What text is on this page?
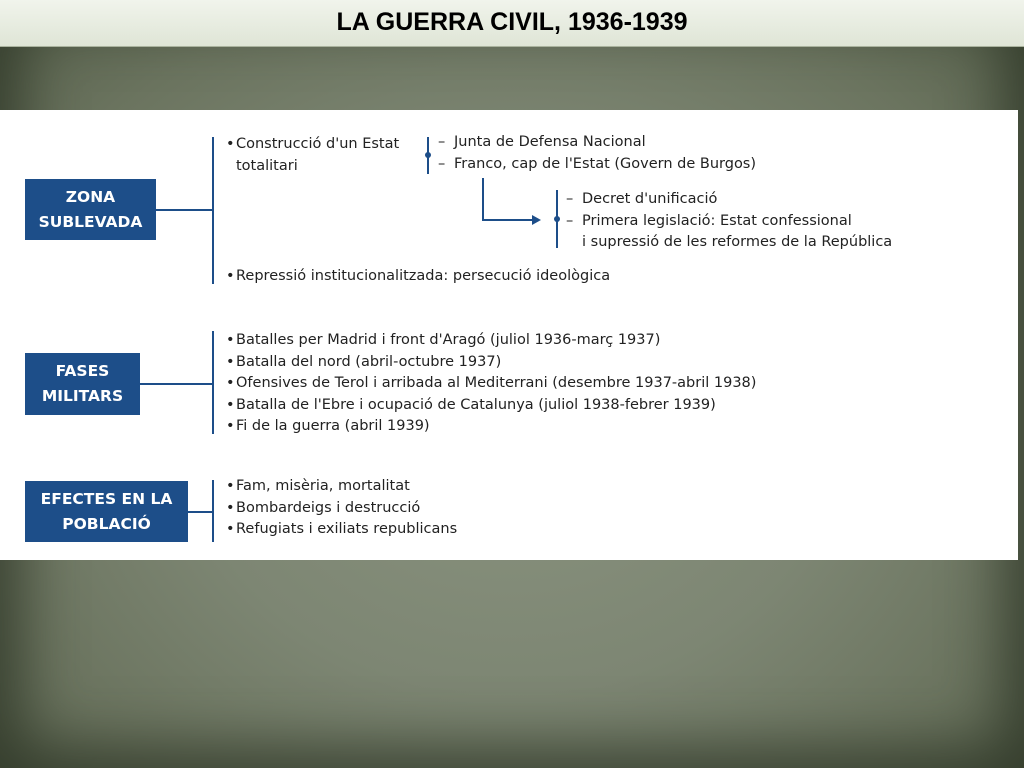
LA GUERRA CIVIL, 1936-1939
ZONA
SUBLEVADA
•Construcció d'un Estat
totalitari
– Junta de Defensa Nacional
– Franco, cap de l'Estat (Govern de Burgos)
– Decret d'unificació
– Primera legislació: Estat confessional
i supressió de les reformes de la República
•Repressió institucionalitzada: persecució ideològica
FASES
MILITARS
•Batalles per Madrid i front d'Aragó (juliol 1936-març 1937)
•Batalla del nord (abril-octubre 1937)
•Ofensives de Terol i arribada al Mediterrani (desembre 1937-abril 1938)
•Batalla de l'Ebre i ocupació de Catalunya (juliol 1938-febrer 1939)
•Fi de la guerra (abril 1939)
EFECTES EN LA
POBLACIÓ
•Fam, misèria, mortalitat
•Bombardeigs i destrucció
•Refugiats i exiliats republicans
